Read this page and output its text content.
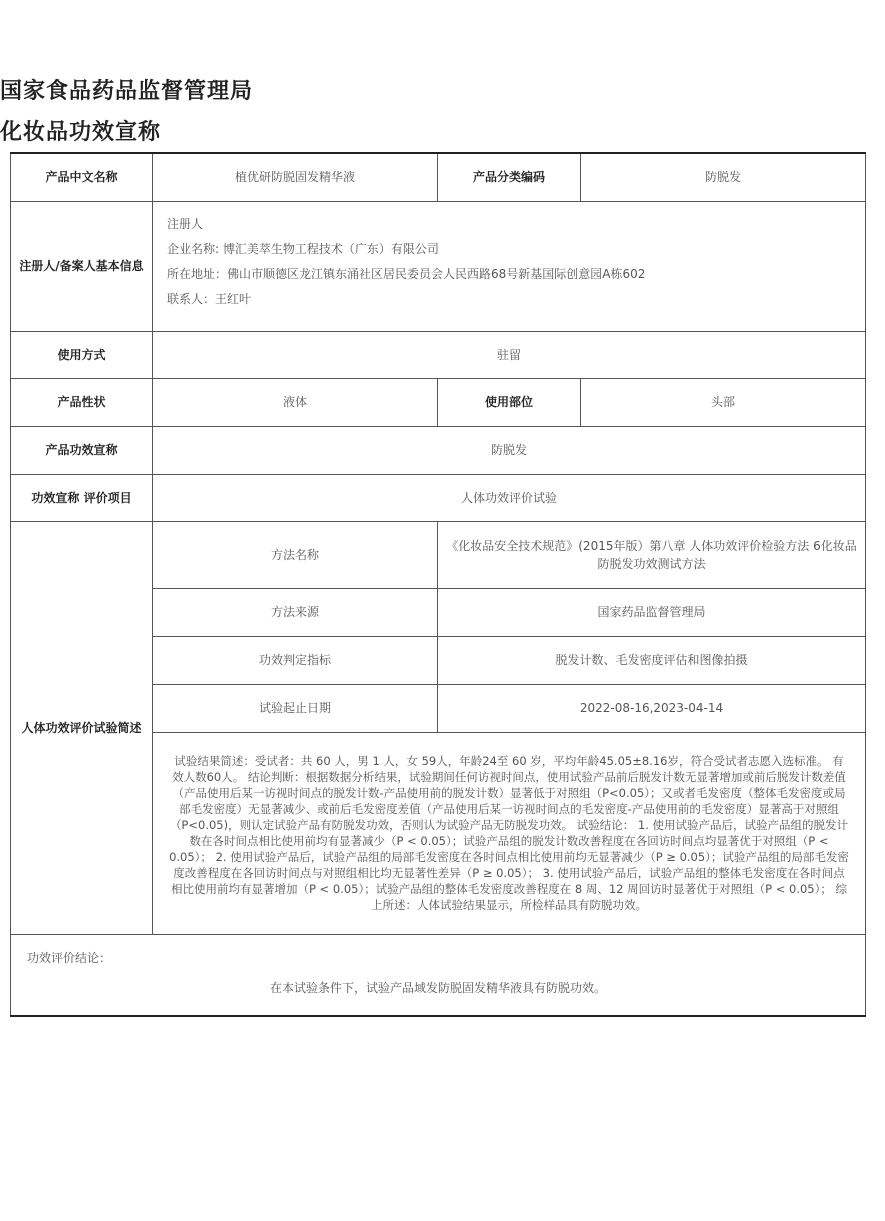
国家食品药品监督管理局
化妆品功效宣称
产品中文名称	植优研防脱固发精华液	产品分类编码	防脱发
注册人/备案人基本信息	注册人
企业名称: 博汇美萃生物工程技术（广东）有限公司
所在地址：佛山市顺德区龙江镇东涌社区居民委员会人民西路68号新基国际创意园A栋602
联系人：王红叶		

使用方式	驻留		
产品性状	液体	使用部位	头部
产品功效宣称	防脱发		
功效宣称 评价项目	人体功效评价试验		
人体功效评价试验简述	方法名称	《化妆品安全技术规范》(2015年版）第八章 人体功效评价检验方法 6化妆品防脱发功效测试方法	
	方法来源	国家药品监督管理局	
	功效判定指标	脱发计数、毛发密度评估和图像拍摄	
	试验起止日期	2022-08-16,2023-04-14	
	试验结果简述：受试者：共 60 人，男 1 人，女 59人，年龄24至 60 岁，平均年龄45.05±8.16岁，符合受试者志愿入选标准。 有效人数60人。 结论判断：根据数据分析结果，试验期间任何访视时间点，使用试验产品前后脱发计数无显著增加或前后脱发计数差值（产品使用后某一访视时间点的脱发计数-产品使用前的脱发计数）显著低于对照组（P<0.05）；又或者毛发密度（整体毛发密度或局部毛发密度）无显著减少、或前后毛发密度差值（产品使用后某一访视时间点的毛发密度-产品使用前的毛发密度）显著高于对照组（P<0.05)，则认定试验产品有防脱发功效，否则认为试验产品无防脱发功效。 试验结论： 1. 使用试验产品后，试验产品组的脱发计数在各时间点相比使用前均有显著减少（P < 0.05）；试验产品组的脱发计数改善程度在各回访时间点均显著优于对照组（P < 0.05）； 2. 使用试验产品后，试验产品组的局部毛发密度在各时间点相比使用前均无显著减少（P ≥ 0.05）；试验产品组的局部毛发密度改善程度在各回访时间点与对照组相比均无显著性差异（P ≥ 0.05）； 3. 使用试验产品后，试验产品组的整体毛发密度在各时间点相比使用前均有显著增加（P < 0.05）；试验产品组的整体毛发密度改善程度在 8 周、12 周回访时显著优于对照组（P < 0.05）； 综上所述：人体试验结果显示，所检样品具有防脱功效。		

功效评价结论：
在本试验条件下，试验产品域发防脱固发精华液具有防脱功效。			
